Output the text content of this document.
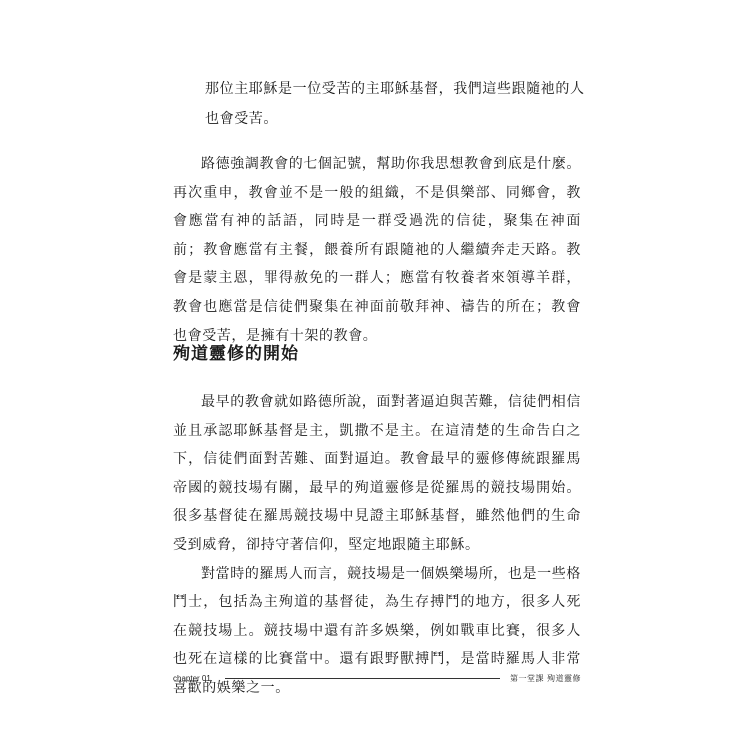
那位主耶穌是一位受苦的主耶穌基督，我們這些跟隨祂的人也會受苦。

路德強調教會的七個記號，幫助你我思想教會到底是什麼。再次重申，教會並不是一般的組織，不是俱樂部、同鄉會，教會應當有神的話語，同時是一群受過洗的信徒，聚集在神面前；教會應當有主餐，餵養所有跟隨祂的人繼續奔走天路。教會是蒙主恩，罪得赦免的一群人；應當有牧養者來領導羊群，教會也應當是信徒們聚集在神面前敬拜神、禱告的所在；教會也會受苦，是擁有十架的教會。

殉道靈修的開始

最早的教會就如路德所說，面對著逼迫與苦難，信徒們相信並且承認耶穌基督是主，凱撒不是主。在這清楚的生命告白之下，信徒們面對苦難、面對逼迫。教會最早的靈修傳統跟羅馬帝國的競技場有關，最早的殉道靈修是從羅馬的競技場開始。很多基督徒在羅馬競技場中見證主耶穌基督，雖然他們的生命受到威脅，卻持守著信仰，堅定地跟隨主耶穌。

對當時的羅馬人而言，競技場是一個娛樂場所，也是一些格鬥士，包括為主殉道的基督徒，為生存搏鬥的地方，很多人死在競技場上。競技場中還有許多娛樂，例如戰車比賽，很多人也死在這樣的比賽當中。還有跟野獸搏鬥，是當時羅馬人非常喜歡的娛樂之一。

chapter 01	第一堂課 殉道靈修
